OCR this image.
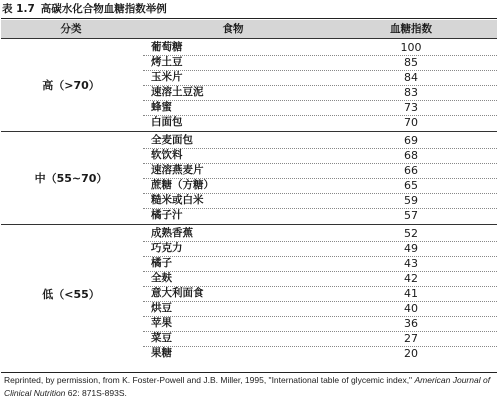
表 1.7 高碳水化合物血糖指数举例
分类	食物	血糖指数
高（>70）
葡萄糖	100
烤土豆	85
玉米片	84
速溶土豆泥	83
蜂蜜	73
白面包	70
中（55~70）
全麦面包	69
软饮料	68
速溶燕麦片	66
蔗糖（方糖）	65
糙米或白米	59
橘子汁	57
低（<55）
成熟香蕉	52
巧克力	49
橘子	43
全麸	42
意大利面食	41
烘豆	40
苹果	36
菜豆	27
果糖	20
Reprinted, by permission, from K. Foster-Powell and J.B. Miller, 1995, "International table of glycemic index," American Journal of Clinical Nutrition 62: 871S-893S.
